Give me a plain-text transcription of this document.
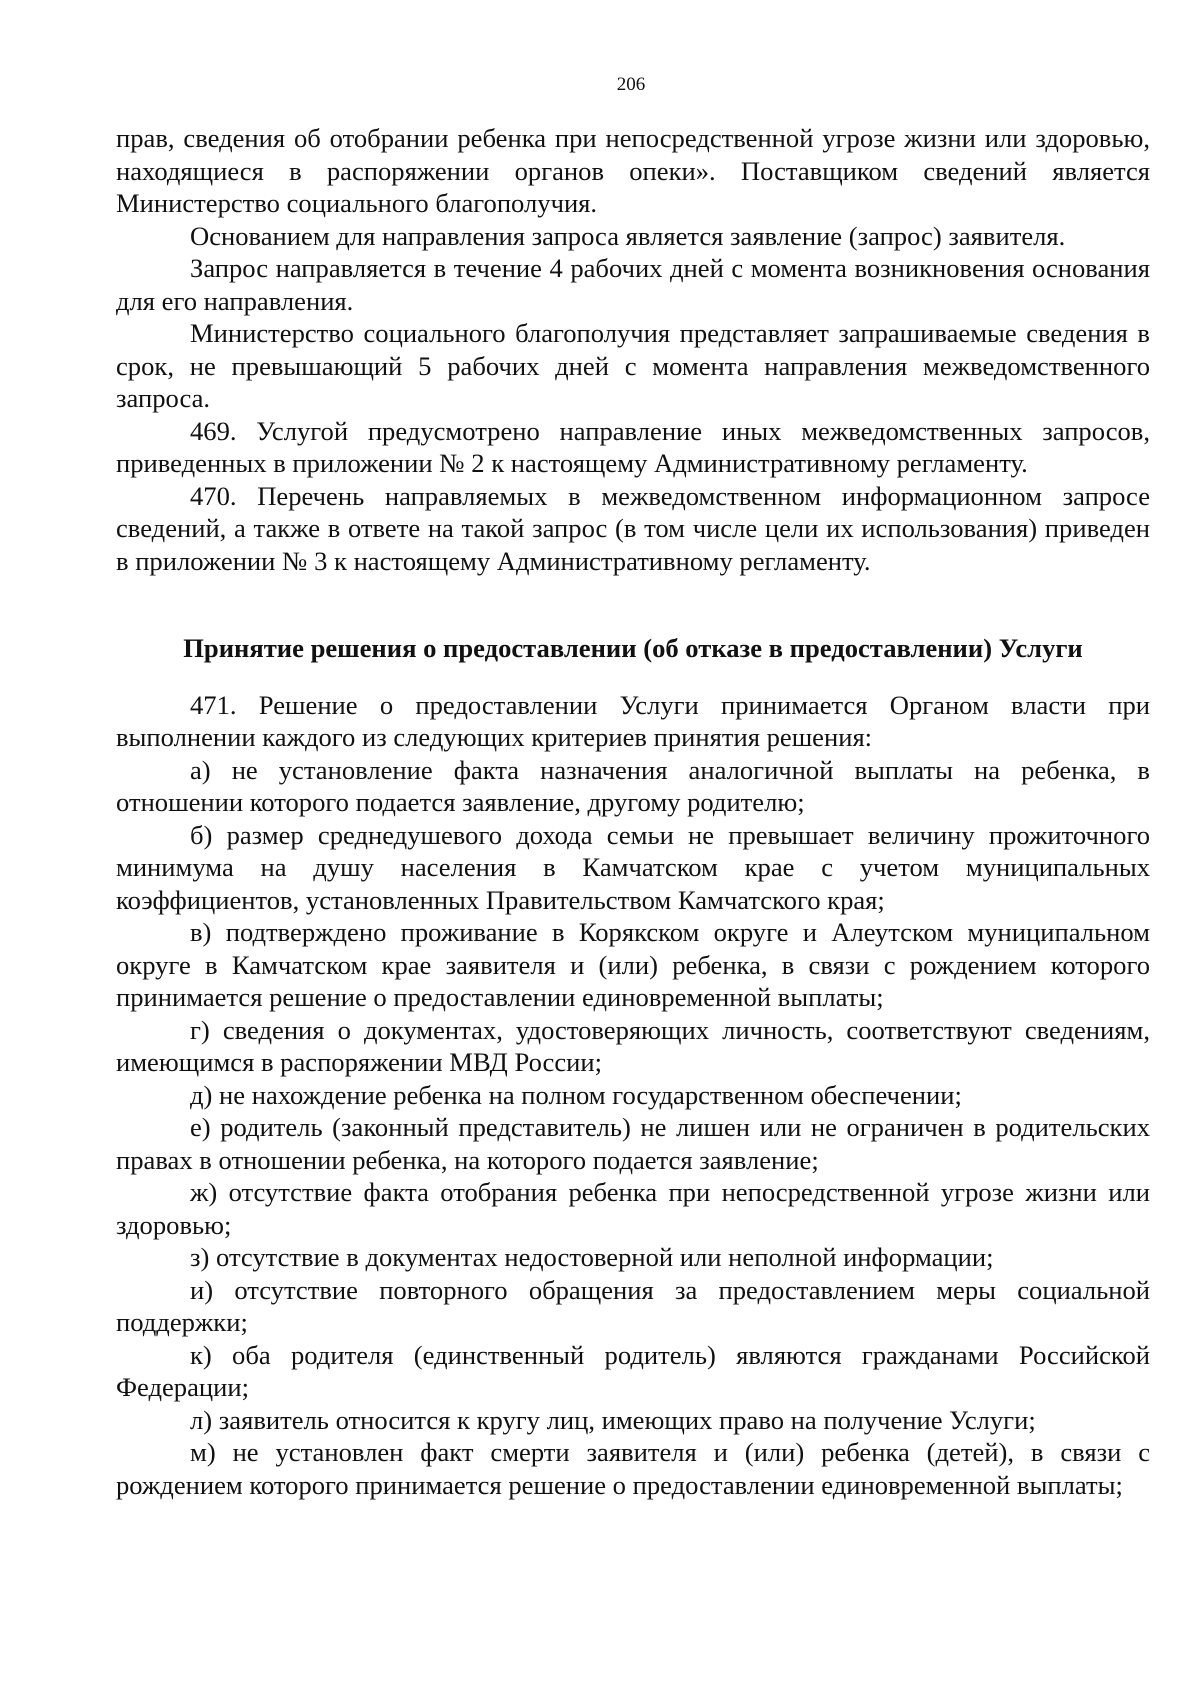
206

прав, сведения об отобрании ребенка при непосредственной угрозе жизни или здоровью, находящиеся в распоряжении органов опеки». Поставщиком сведений является Министерство социального благополучия.

Основанием для направления запроса является заявление (запрос) заявителя.

Запрос направляется в течение 4 рабочих дней с момента возникновения основания для его направления.

Министерство социального благополучия представляет запрашиваемые сведения в срок, не превышающий 5 рабочих дней с момента направления межведомственного запроса.

469. Услугой предусмотрено направление иных межведомственных запросов, приведенных в приложении № 2 к настоящему Административному регламенту.

470. Перечень направляемых в межведомственном информационном запросе сведений, а также в ответе на такой запрос (в том числе цели их использования) приведен в приложении № 3 к настоящему Административному регламенту.

Принятие решения о предоставлении (об отказе в предоставлении) Услуги

471. Решение о предоставлении Услуги принимается Органом власти при выполнении каждого из следующих критериев принятия решения:

а) не установление факта назначения аналогичной выплаты на ребенка, в отношении которого подается заявление, другому родителю;

б) размер среднедушевого дохода семьи не превышает величину прожиточного минимума на душу населения в Камчатском крае с учетом муниципальных коэффициентов, установленных Правительством Камчатского края;

в) подтверждено проживание в Корякском округе и Алеутском муниципальном округе в Камчатском крае заявителя и (или) ребенка, в связи с рождением которого принимается решение о предоставлении единовременной выплаты;

г) сведения о документах, удостоверяющих личность, соответствуют сведениям, имеющимся в распоряжении МВД России;

д) не нахождение ребенка на полном государственном обеспечении;

е) родитель (законный представитель) не лишен или не ограничен в родительских правах в отношении ребенка, на которого подается заявление;

ж) отсутствие факта отобрания ребенка при непосредственной угрозе жизни или здоровью;

з) отсутствие в документах недостоверной или неполной информации;

и) отсутствие повторного обращения за предоставлением меры социальной поддержки;

к) оба родителя (единственный родитель) являются гражданами Российской Федерации;

л) заявитель относится к кругу лиц, имеющих право на получение Услуги;

м) не установлен факт смерти заявителя и (или) ребенка (детей), в связи с рождением которого принимается решение о предоставлении единовременной выплаты;
